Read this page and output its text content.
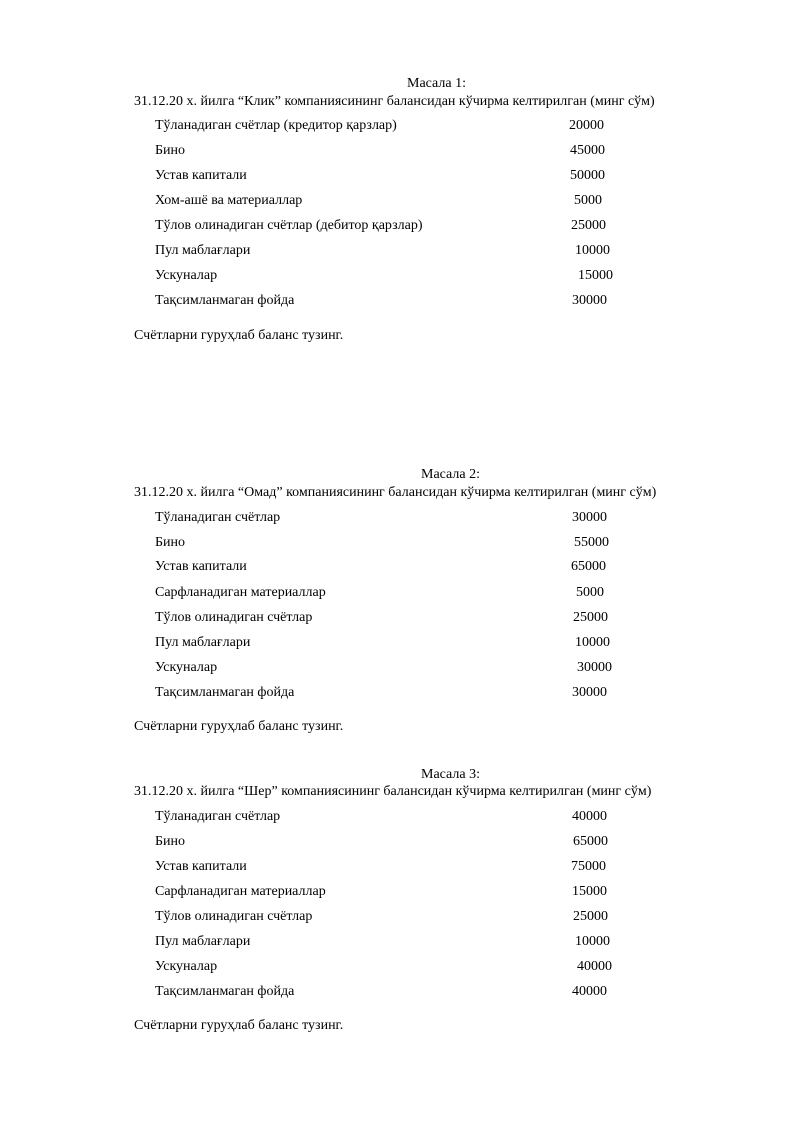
Масала 1:
31.12.20 х. йилга “Клик” компаниясининг балансидан кўчирма келтирилган (минг сўм)
Тўланадиган счётлар (кредитор қарзлар)	20000
Бино	45000
Устав капитали	50000
Хом-ашё ва материаллар	5000
Тўлов олинадиган счётлар (дебитор қарзлар)	25000
Пул маблағлари	10000
Ускуналар	15000
Тақсимланмаган фойда	30000
Счётларни гуруҳлаб баланс тузинг.
Масала 2:
31.12.20 х. йилга “Омад” компаниясининг балансидан кўчирма келтирилган (минг сўм)
Тўланадиган счётлар	30000
Бино	55000
Устав капитали	65000
Сарфланадиган материаллар	5000
Тўлов олинадиган счётлар	25000
Пул маблағлари	10000
Ускуналар	30000
Тақсимланмаган фойда	30000
Счётларни гуруҳлаб баланс тузинг.
Масала 3:
31.12.20 х. йилга “Шер” компаниясининг балансидан кўчирма келтирилган (минг сўм)
Тўланадиган счётлар	40000
Бино	65000
Устав капитали	75000
Сарфланадиган материаллар	15000
Тўлов олинадиган счётлар	25000
Пул маблағлари	10000
Ускуналар	40000
Тақсимланмаган фойда	40000
Счётларни гуруҳлаб баланс тузинг.
